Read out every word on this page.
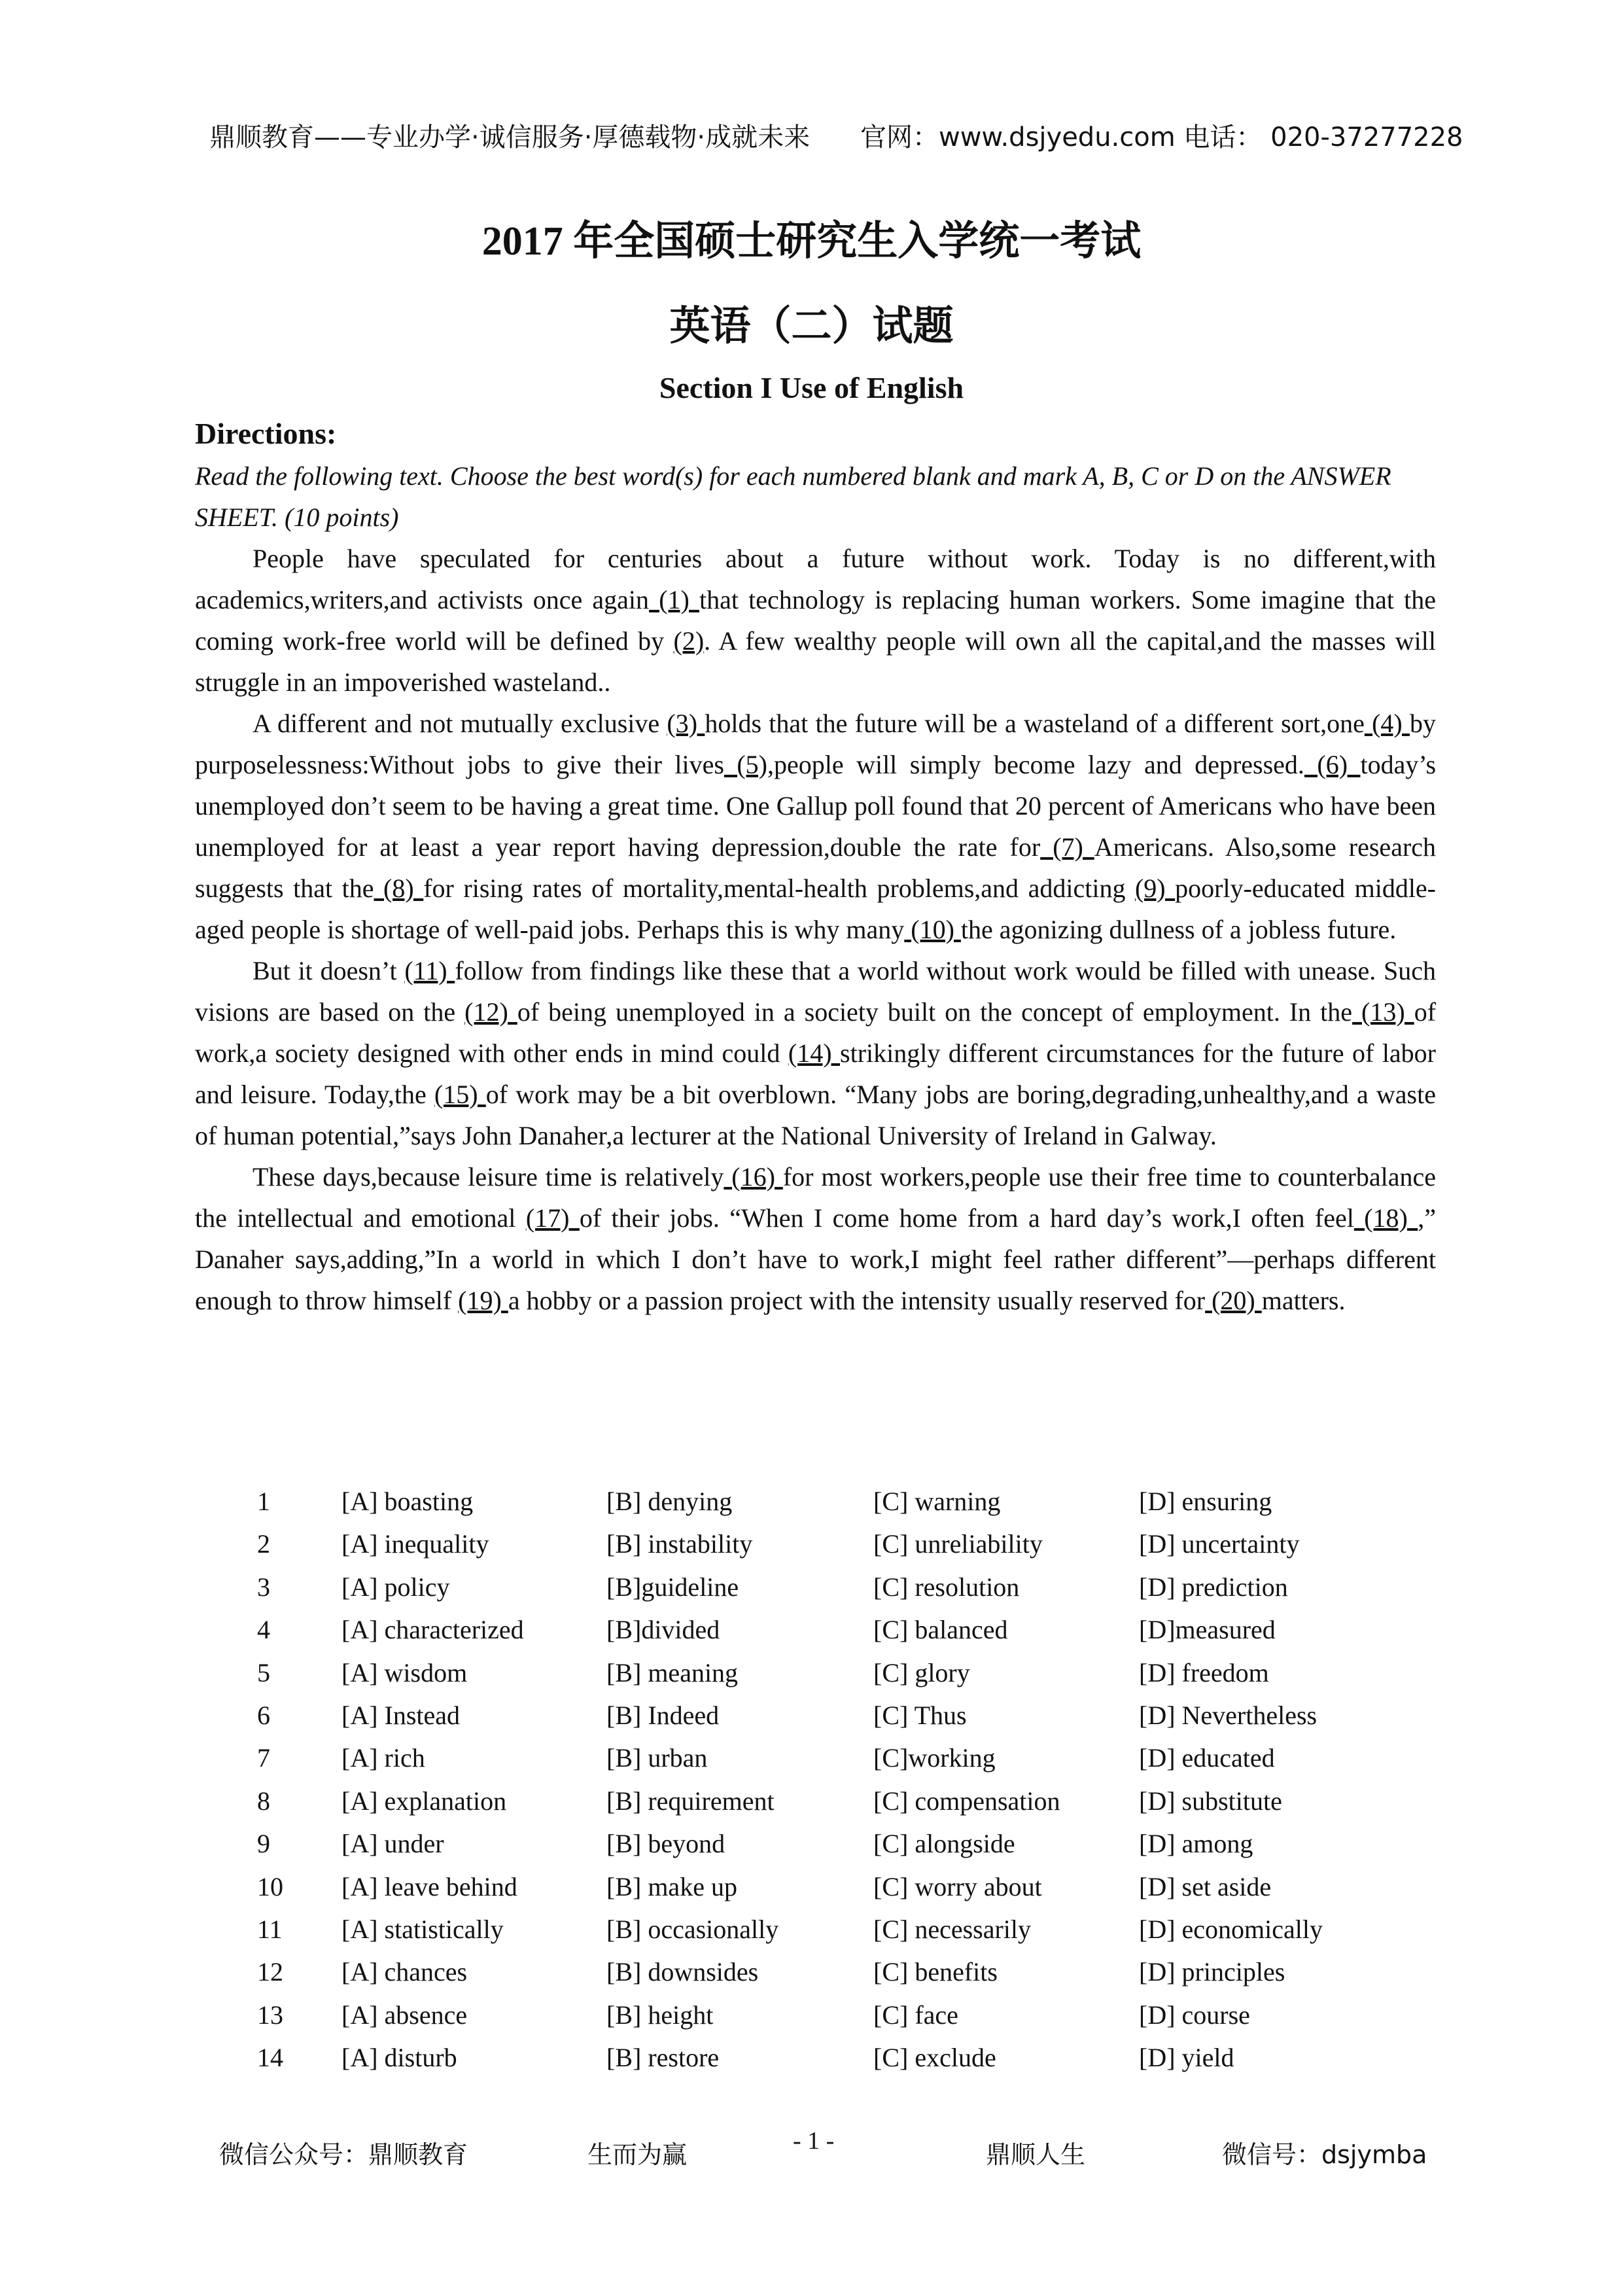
鼎顺教育——专业办学·诚信服务·厚德载物·成就未来 官网：www.dsjyedu.com 电话： 020-37277228
2017 年全国硕士研究生入学统一考试
英语（二）试题
Section I Use of English
Directions:
Read the following text. Choose the best word(s) for each numbered blank and mark A, B, C or D on the ANSWER SHEET. (10 points)

People have speculated for centuries about a future without work. Today is no different,with academics,writers,and activists once again (1) that technology is replacing human workers. Some imagine that the coming work-free world will be defined by (2). A few wealthy people will own all the capital,and the masses will struggle in an impoverished wasteland..

A different and not mutually exclusive (3) holds that the future will be a wasteland of a different sort,one (4) by purposelessness:Without jobs to give their lives (5),people will simply become lazy and depressed. (6) today’s unemployed don’t seem to be having a great time. One Gallup poll found that 20 percent of Americans who have been unemployed for at least a year report having depression,double the rate for (7) Americans. Also,some research suggests that the (8) for rising rates of mortality,mental-health problems,and addicting (9) poorly-educated middle-aged people is shortage of well-paid jobs. Perhaps this is why many (10) the agonizing dullness of a jobless future.

But it doesn’t (11) follow from findings like these that a world without work would be filled with unease. Such visions are based on the (12) of being unemployed in a society built on the concept of employment. In the (13) of work,a society designed with other ends in mind could (14) strikingly different circumstances for the future of labor and leisure. Today,the (15) of work may be a bit overblown. “Many jobs are boring,degrading,unhealthy,and a waste of human potential,”says John Danaher,a lecturer at the National University of Ireland in Galway.

These days,because leisure time is relatively (16) for most workers,people use their free time to counterbalance the intellectual and emotional (17) of their jobs. “When I come home from a hard day’s work,I often feel (18) ,” Danaher says,adding,”In a world in which I don’t have to work,I might feel rather different”—perhaps different enough to throw himself (19) a hobby or a passion project with the intensity usually reserved for (20) matters.

1	[A] boasting	[B] denying	[C] warning	[D] ensuring
2	[A] inequality	[B] instability	[C] unreliability	[D] uncertainty
3	[A] policy	[B]guideline	[C] resolution	[D] prediction
4	[A] characterized	[B]divided	[C] balanced	[D]measured
5	[A] wisdom	[B] meaning	[C] glory	[D] freedom
6	[A] Instead	[B] Indeed	[C] Thus	[D] Nevertheless
7	[A] rich	[B] urban	[C]working	[D] educated
8	[A] explanation	[B] requirement	[C] compensation	[D] substitute
9	[A] under	[B] beyond	[C] alongside	[D] among
10 [A] leave behind	[B] make up	[C] worry about	[D] set aside
11 [A] statistically	[B] occasionally	[C] necessarily	[D] economically
12 [A] chances	[B] downsides	[C] benefits	[D] principles
13 [A] absence	[B] height	[C] face	[D] course
14 [A] disturb	[B] restore	[C] exclude	[D] yield
微信公众号：鼎顺教育	生而为赢	- 1 -	鼎顺人生	微信号：dsjymba
